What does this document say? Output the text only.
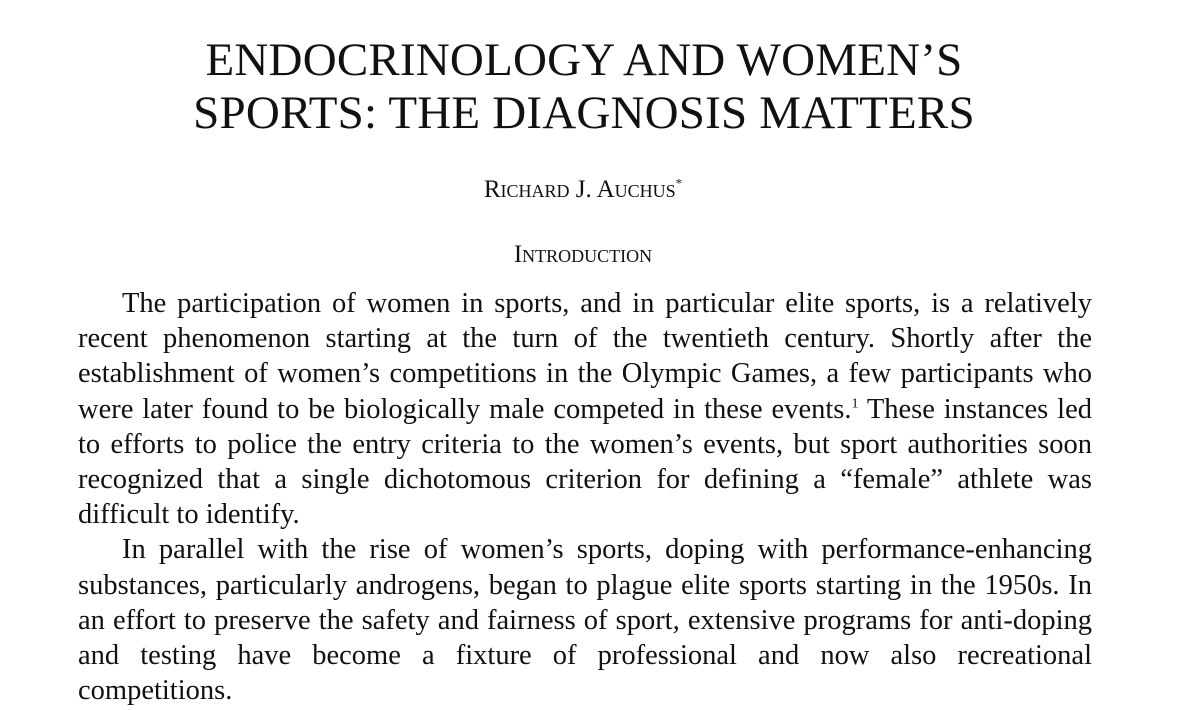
ENDOCRINOLOGY AND WOMEN’S
SPORTS: THE DIAGNOSIS MATTERS
Richard J. Auchus*
Introduction

The participation of women in sports, and in particular elite sports, is a relatively recent phenomenon starting at the turn of the twentieth century. Shortly after the establishment of women’s competitions in the Olympic Games, a few participants who were later found to be biologically male competed in these events.$^1$ These instances led to efforts to police the entry criteria to the women’s events, but sport authorities soon recognized that a single dichotomous criterion for defining a “female” athlete was difficult to identify.

In parallel with the rise of women’s sports, doping with performance-enhancing substances, particularly androgens, began to plague elite sports starting in the 1950s. In an effort to preserve the safety and fairness of sport, extensive programs for anti-doping and testing have become a fixture of professional and now also recreational competitions.
